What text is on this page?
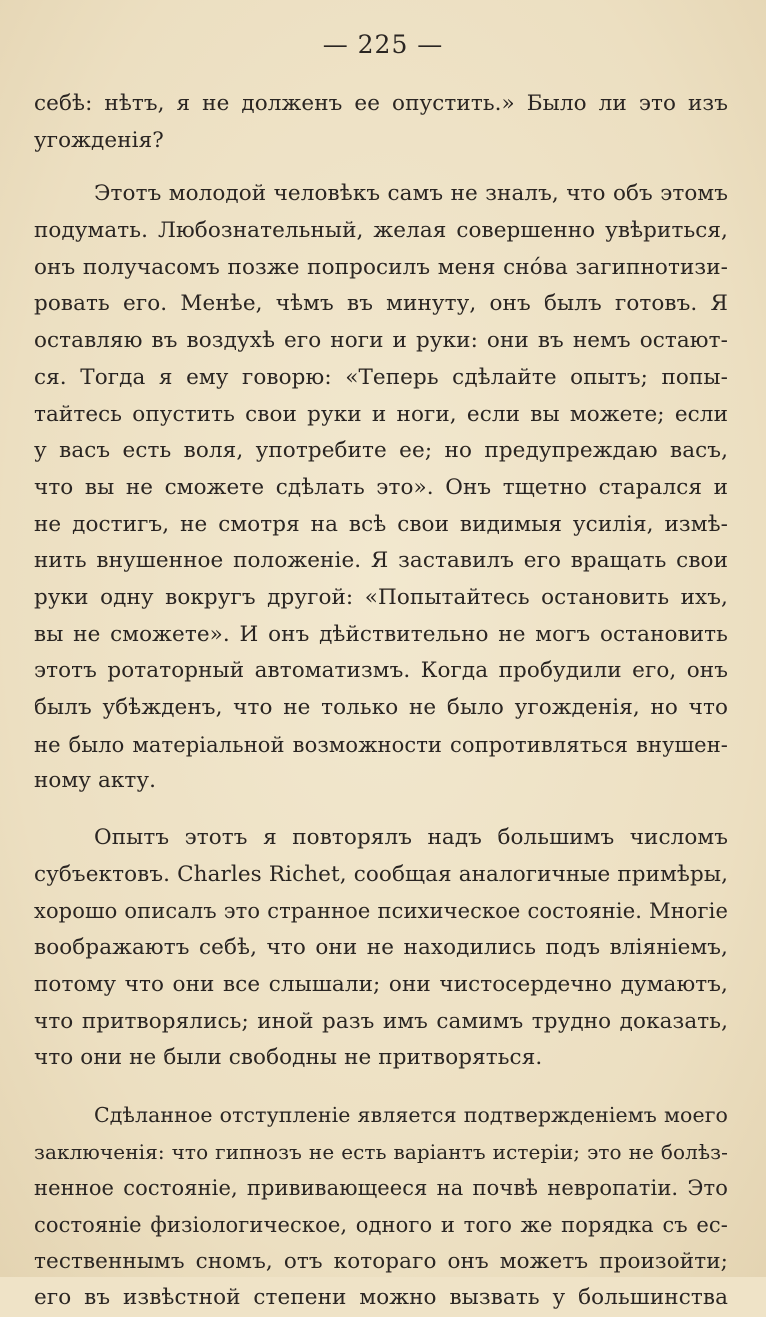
— 225 —
себѣ: нѣтъ, я не долженъ ее опустить.» Было ли это изъ
угожденія?
Этотъ молодой человѣкъ самъ не зналъ, что объ этомъ
подумать. Любознательный, желая совершенно увѣриться,
онъ получасомъ позже попросилъ меня снóва загипнотизи-
ровать его. Менѣе, чѣмъ въ минуту, онъ былъ готовъ. Я
оставляю въ воздухѣ его ноги и руки: они въ немъ остают-
ся. Тогда я ему говорю: «Теперь сдѣлайте опытъ; попы-
тайтесь опустить свои руки и ноги, если вы можете; если
у васъ есть воля, употребите ее; но предупреждаю васъ,
что вы не сможете сдѣлать это». Онъ тщетно старался и
не достигъ, не смотря на всѣ свои видимыя усилія, измѣ-
нить внушенное положеніе. Я заставилъ его вращать свои
руки одну вокругъ другой: «Попытайтесь остановить ихъ,
вы не сможете». И онъ дѣйствительно не могъ остановить
этотъ ротаторный автоматизмъ. Когда пробудили его, онъ
былъ убѣжденъ, что не только не было угожденія, но что
не было матеріальной возможности сопротивляться внушен-
ному акту.
Опытъ этотъ я повторялъ надъ большимъ числомъ
субъектовъ. Charles Richet, сообщая аналогичные примѣры,
хорошо описалъ это странное психическое состояніе. Многіе
воображаютъ себѣ, что они не находились подъ вліяніемъ,
потому что они все слышали; они чистосердечно думаютъ,
что притворялись; иной разъ имъ самимъ трудно доказать,
что они не были свободны не притворяться.
Сдѣланное отступленіе является подтвержденіемъ моего
заключенія: что гипнозъ не есть варіантъ истеріи; это не болѣз-
ненное состояніе, прививающееся на почвѣ невропатіи. Это
состояніе физіологическое, одного и того же порядка съ ес-
тественнымъ сномъ, отъ котораго онъ можетъ произойти;
его въ извѣстной степени можно вызвать у большинства
